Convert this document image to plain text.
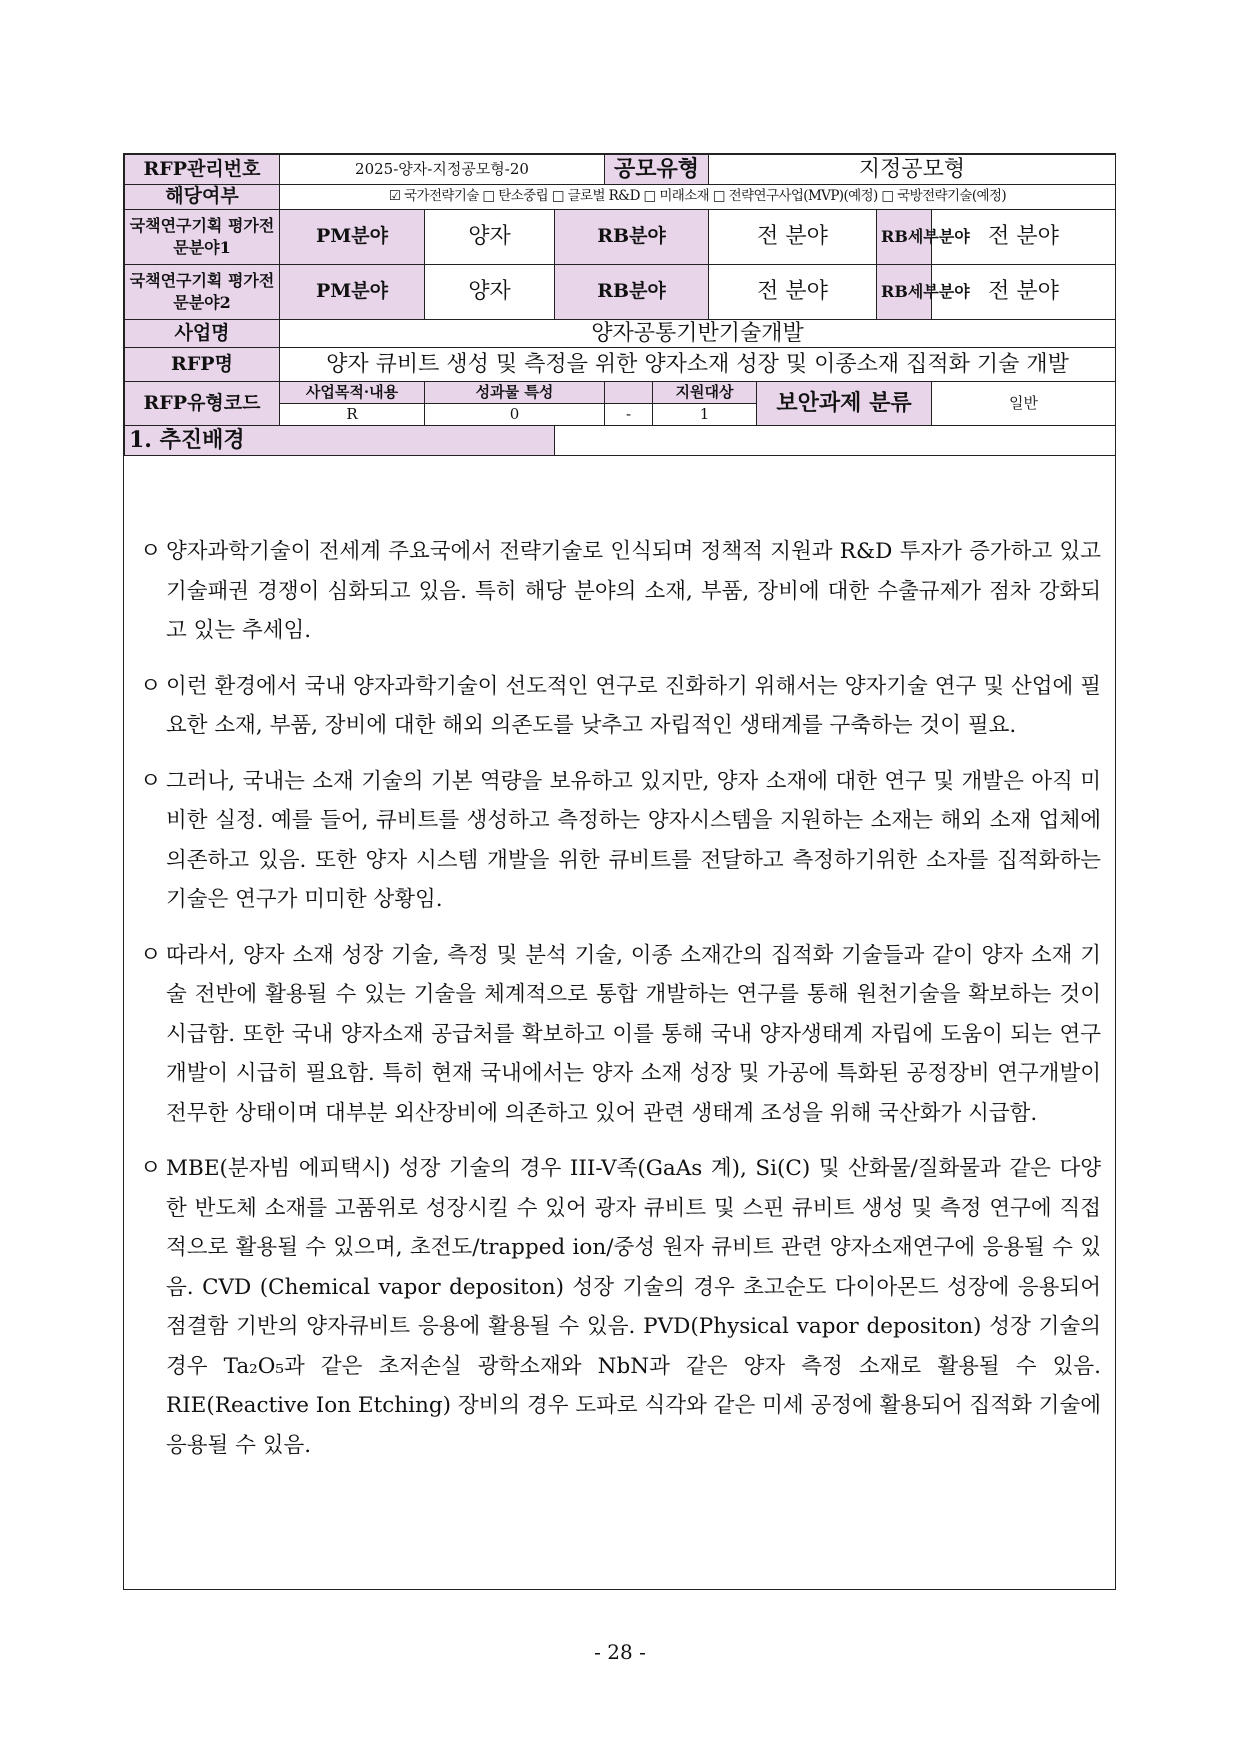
RFP관리번호	2025-양자-지정공모형-20			공모유형		지정공모형			
해당여부	☑ 국가전략기술 □ 탄소중립 □ 글로벌 R&D □ 미래소재 □ 전략연구사업(MVP)(예정) □ 국방전략기술(예정)								
국책연구기획 평가전문분야1	PM분야	양자	RB분야			전 분야		RB세부분야	전 분야
국책연구기획 평가전문분야2	PM분야	양자	RB분야			전 분야		RB세부분야	전 분야
사업명	양자공통기반기술개발								
RFP명	양자 큐비트 생성 및 측정을 위한 양자소재 성장 및 이종소재 집적화 기술 개발								
RFP유형코드	사업목적·내용	성과물 특성			지원대상		보안과제 분류		일반
	R	0		-	1				
1. 추진배경									
ㅇ 양자과학기술이 전세계 주요국에서 전략기술로 인식되며 정책적 지원과 R&D 투자가 증가하고 있고 기술패권 경쟁이 심화되고 있음. 특히 해당 분야의 소재, 부품, 장비에 대한 수출규제가 점차 강화되고 있는 추세임.
ㅇ 이런 환경에서 국내 양자과학기술이 선도적인 연구로 진화하기 위해서는 양자기술 연구 및 산업에 필요한 소재, 부품, 장비에 대한 해외 의존도를 낮추고 자립적인 생태계를 구축하는 것이 필요.
ㅇ 그러나, 국내는 소재 기술의 기본 역량을 보유하고 있지만, 양자 소재에 대한 연구 및 개발은 아직 미비한 실정. 예를 들어, 큐비트를 생성하고 측정하는 양자시스템을 지원하는 소재는 해외 소재 업체에 의존하고 있음. 또한 양자 시스템 개발을 위한 큐비트를 전달하고 측정하기위한 소자를 집적화하는 기술은 연구가 미미한 상황임.
ㅇ 따라서, 양자 소재 성장 기술, 측정 및 분석 기술, 이종 소재간의 집적화 기술들과 같이 양자 소재 기술 전반에 활용될 수 있는 기술을 체계적으로 통합 개발하는 연구를 통해 원천기술을 확보하는 것이 시급함. 또한 국내 양자소재 공급처를 확보하고 이를 통해 국내 양자생태계 자립에 도움이 되는 연구개발이 시급히 필요함. 특히 현재 국내에서는 양자 소재 성장 및 가공에 특화된 공정장비 연구개발이 전무한 상태이며 대부분 외산장비에 의존하고 있어 관련 생태계 조성을 위해 국산화가 시급함.
ㅇ MBE(분자빔 에피택시) 성장 기술의 경우 III-V족(GaAs 계), Si(C) 및 산화물/질화물과 같은 다양한 반도체 소재를 고품위로 성장시킬 수 있어 광자 큐비트 및 스핀 큐비트 생성 및 측정 연구에 직접적으로 활용될 수 있으며, 초전도/trapped ion/중성 원자 큐비트 관련 양자소재연구에 응용될 수 있음. CVD (Chemical vapor depositon) 성장 기술의 경우 초고순도 다이아몬드 성장에 응용되어 점결함 기반의 양자큐비트 응용에 활용될 수 있음. PVD(Physical vapor depositon) 성장 기술의 경우 Ta₂O₅과 같은 초저손실 광학소재와 NbN과 같은 양자 측정 소재로 활용될 수 있음. RIE(Reactive Ion Etching) 장비의 경우 도파로 식각와 같은 미세 공정에 활용되어 집적화 기술에 응용될 수 있음.
- 28 -
